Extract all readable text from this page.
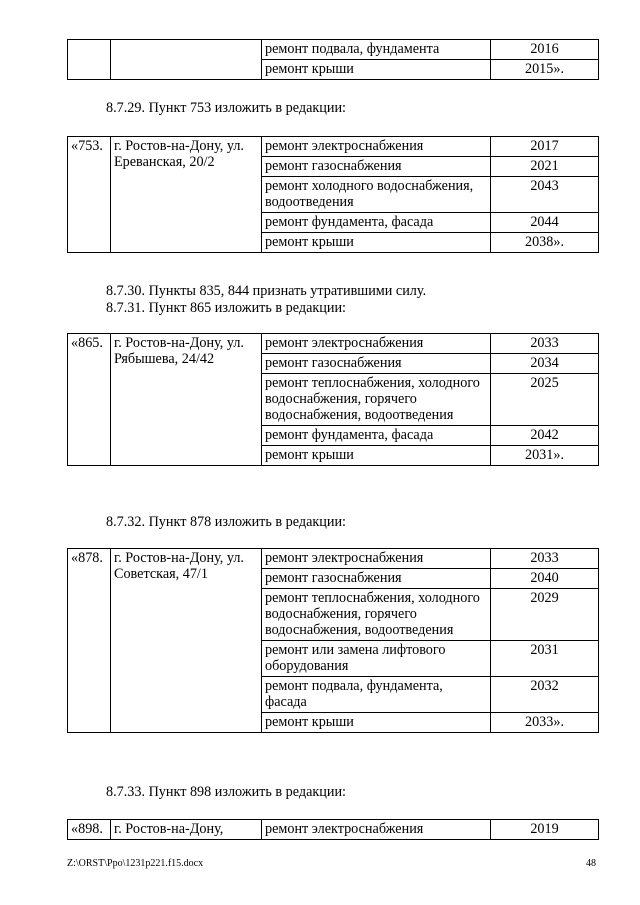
		ремонт подвала, фундамента	2016
		ремонт крыши	2015».
8.7.29. Пункт 753 изложить в редакции:
«753.	г. Ростов-на-Дону, ул. Ереванская, 20/2	ремонт электроснабжения	2017
		ремонт газоснабжения	2021
		ремонт холодного водоснабжения, водоотведения	2043
		ремонт фундамента, фасада	2044
		ремонт крыши	2038».
8.7.30. Пункты 835, 844 признать утратившими силу.
8.7.31. Пункт 865 изложить в редакции:
«865.	г. Ростов-на-Дону, ул. Рябышева, 24/42	ремонт электроснабжения	2033
		ремонт газоснабжения	2034
		ремонт теплоснабжения, холодного водоснабжения, горячего водоснабжения, водоотведения	2025
		ремонт фундамента, фасада	2042
		ремонт крыши	2031».
8.7.32. Пункт 878 изложить в редакции:
«878.	г. Ростов-на-Дону, ул. Советская, 47/1	ремонт электроснабжения	2033
		ремонт газоснабжения	2040
		ремонт теплоснабжения, холодного водоснабжения, горячего водоснабжения, водоотведения	2029
		ремонт или замена лифтового оборудования	2031
		ремонт подвала, фундамента, фасада	2032
		ремонт крыши	2033».
8.7.33. Пункт 898 изложить в редакции:
«898.	г. Ростов-на-Дону,	ремонт электроснабжения	2019
Z:\ORST\Ppo\1231p221.f15.docx	48
